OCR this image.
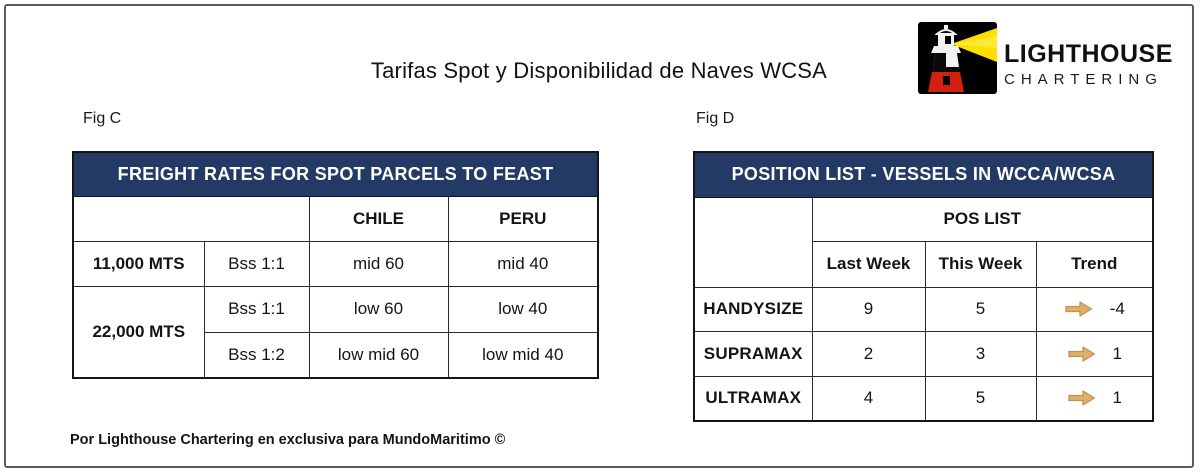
Tarifas Spot y Disponibilidad de Naves WCSA
LIGHTHOUSE
CHARTERING
Fig C
FREIGHT RATES FOR SPOT PARCELS TO FEAST			
		CHILE	PERU
11,000 MTS	Bss 1:1	mid 60	mid 40
22,000 MTS	Bss 1:1	low 60	low 40
	Bss 1:2	low mid 60	low mid 40
Fig D
POSITION LIST - VESSELS IN WCCA/WCSA			
	POS LIST		
	Last Week	This Week	Trend
HANDYSIZE	9	5	-4

SUPRAMAX	2	3	1

ULTRAMAX	4	5	1
Por Lighthouse Chartering en exclusiva para MundoMaritimo ©
